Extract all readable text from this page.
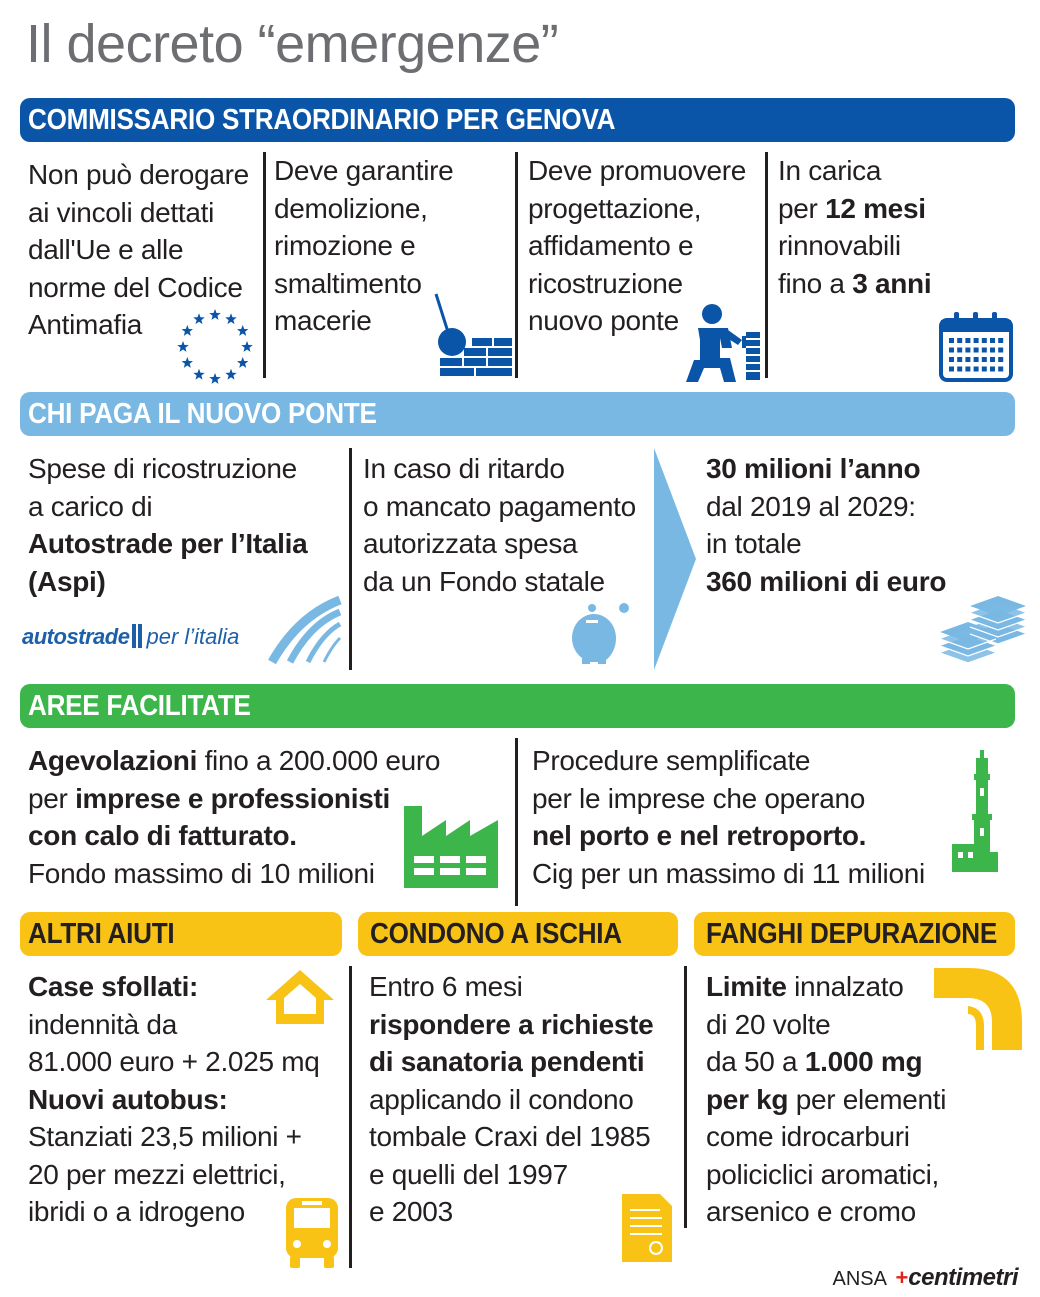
Il decreto “emergenze”
COMMISSARIO STRAORDINARIO PER GENOVA
Non può derogare
ai vincoli dettati
dall'Ue e alle
norme del Codice
Antimafia
Deve garantire
demolizione,
rimozione e
smaltimento
macerie
Deve promuovere
progettazione,
affidamento e
ricostruzione
nuovo ponte
In carica
per 12 mesi
rinnovabili
fino a 3 anni
CHI PAGA IL NUOVO PONTE
Spese di ricostruzione
a carico di
Autostrade per l’Italia
(Aspi)
autostrade per l’italia
In caso di ritardo
o mancato pagamento
autorizzata spesa
da un Fondo statale
30 milioni l’anno
dal 2019 al 2029:
in totale
360 milioni di euro
AREE FACILITATE
Agevolazioni fino a 200.000 euro
per imprese e professionisti
con calo di fatturato.
Fondo massimo di 10 milioni
Procedure semplificate
per le imprese che operano
nel porto e nel retroporto.
Cig per un massimo di 11 milioni
ALTRI AIUTI	CONDONO A ISCHIA	FANGHI DEPURAZIONE
Case sfollati:
indennità da
81.000 euro + 2.025 mq
Nuovi autobus:
Stanziati 23,5 milioni +
20 per mezzi elettrici,
ibridi o a idrogeno
Entro 6 mesi
rispondere a richieste
di sanatoria pendenti
applicando il condono
tombale Craxi del 1985
e quelli del 1997
e 2003
Limite innalzato
di 20 volte
da 50 a 1.000 mg
per kg per elementi
come idrocarburi
policiclici aromatici,
arsenico e cromo
ANSA +centimetri
